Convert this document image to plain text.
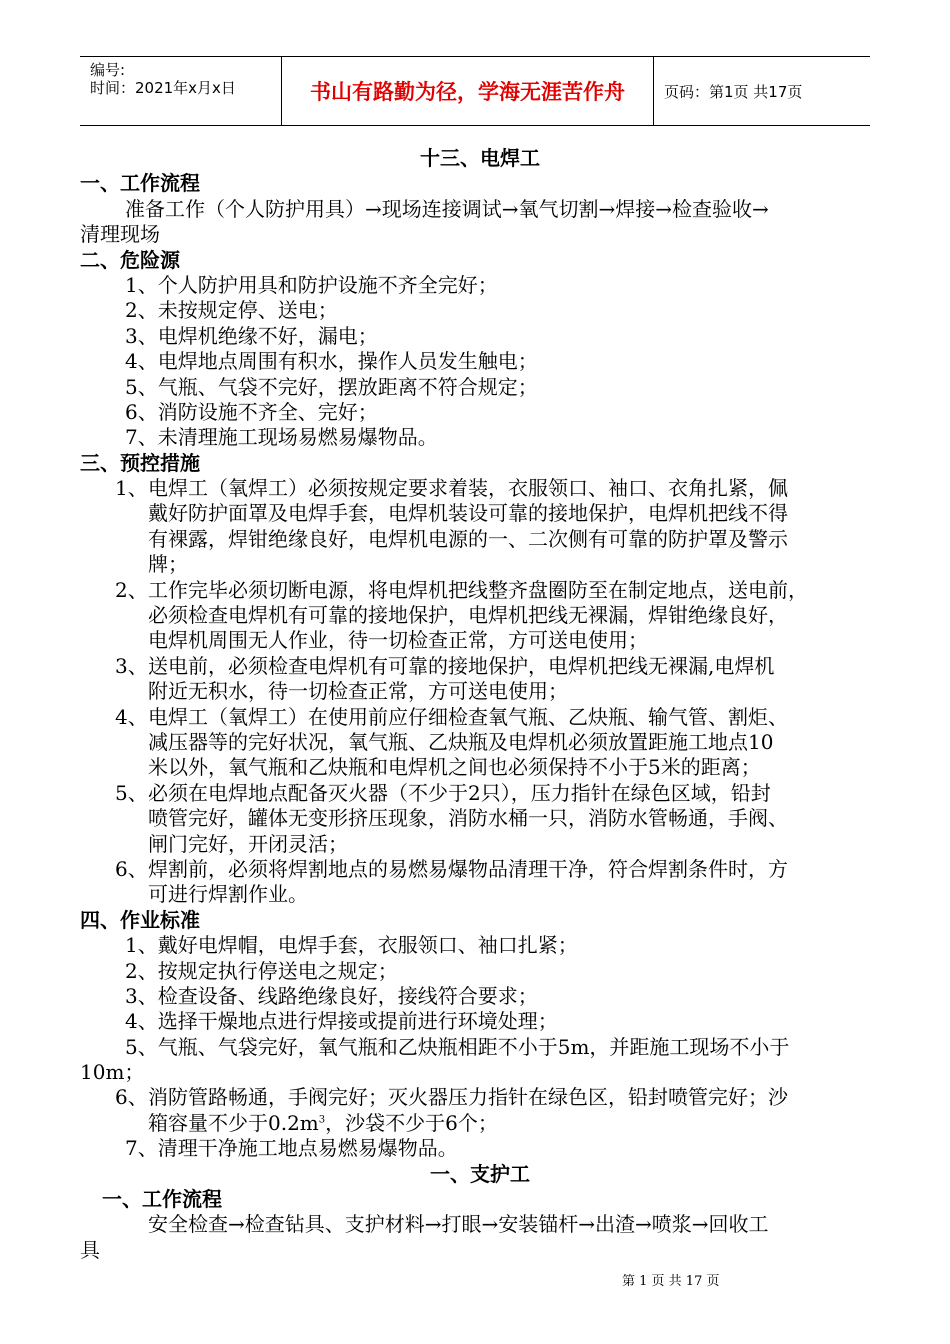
编号:
时间：2021年x月x日	书山有路勤为径，学海无涯苦作舟	页码：第1页 共17页
十三、电焊工
一、工作流程
准备工作（个人防护用具）→现场连接调试→氧气切割→焊接→检查验收→
清理现场
二、危险源
1、个人防护用具和防护设施不齐全完好；
2、未按规定停、送电；
3、电焊机绝缘不好，漏电；
4、电焊地点周围有积水，操作人员发生触电；
5、气瓶、气袋不完好，摆放距离不符合规定；
6、消防设施不齐全、完好；
7、未清理施工现场易燃易爆物品。
三、预控措施
1、 电焊工（氧焊工）必须按规定要求着装，衣服领口、袖口、衣角扎紧，佩
戴好防护面罩及电焊手套，电焊机装设可靠的接地保护，电焊机把线不得
有裸露，焊钳绝缘良好，电焊机电源的一、二次侧有可靠的防护罩及警示
牌；
2、 工作完毕必须切断电源，将电焊机把线整齐盘圈防至在制定地点，送电前，
必须检查电焊机有可靠的接地保护，电焊机把线无裸漏，焊钳绝缘良好，
电焊机周围无人作业，待一切检查正常，方可送电使用；
3、 送电前，必须检查电焊机有可靠的接地保护，电焊机把线无裸漏,电焊机
附近无积水，待一切检查正常，方可送电使用；
4、 电焊工（氧焊工）在使用前应仔细检查氧气瓶、乙炔瓶、输气管、割炬、
减压器等的完好状况，氧气瓶、乙炔瓶及电焊机必须放置距施工地点10
米以外，氧气瓶和乙炔瓶和电焊机之间也必须保持不小于5米的距离；
5、 必须在电焊地点配备灭火器（不少于2只），压力指针在绿色区域，铅封
喷管完好，罐体无变形挤压现象，消防水桶一只，消防水管畅通，手阀、
闸门完好，开闭灵活；
6、 焊割前，必须将焊割地点的易燃易爆物品清理干净，符合焊割条件时，方
可进行焊割作业。
四、作业标准
1、戴好电焊帽，电焊手套，衣服领口、袖口扎紧；
2、按规定执行停送电之规定；
3、检查设备、线路绝缘良好，接线符合要求；
4、选择干燥地点进行焊接或提前进行环境处理；
5、气瓶、气袋完好，氧气瓶和乙炔瓶相距不小于5m，并距施工现场不小于
10m；
6、 消防管路畅通，手阀完好；灭火器压力指针在绿色区，铅封喷管完好；沙
箱容量不少于$0.2m^3$，沙袋不少于6个；
7、清理干净施工地点易燃易爆物品。
一、支护工
一、工作流程
安全检查→检查钻具、支护材料→打眼→安装锚杆→出渣→喷浆→回收工
具
第 1 页 共 17 页
